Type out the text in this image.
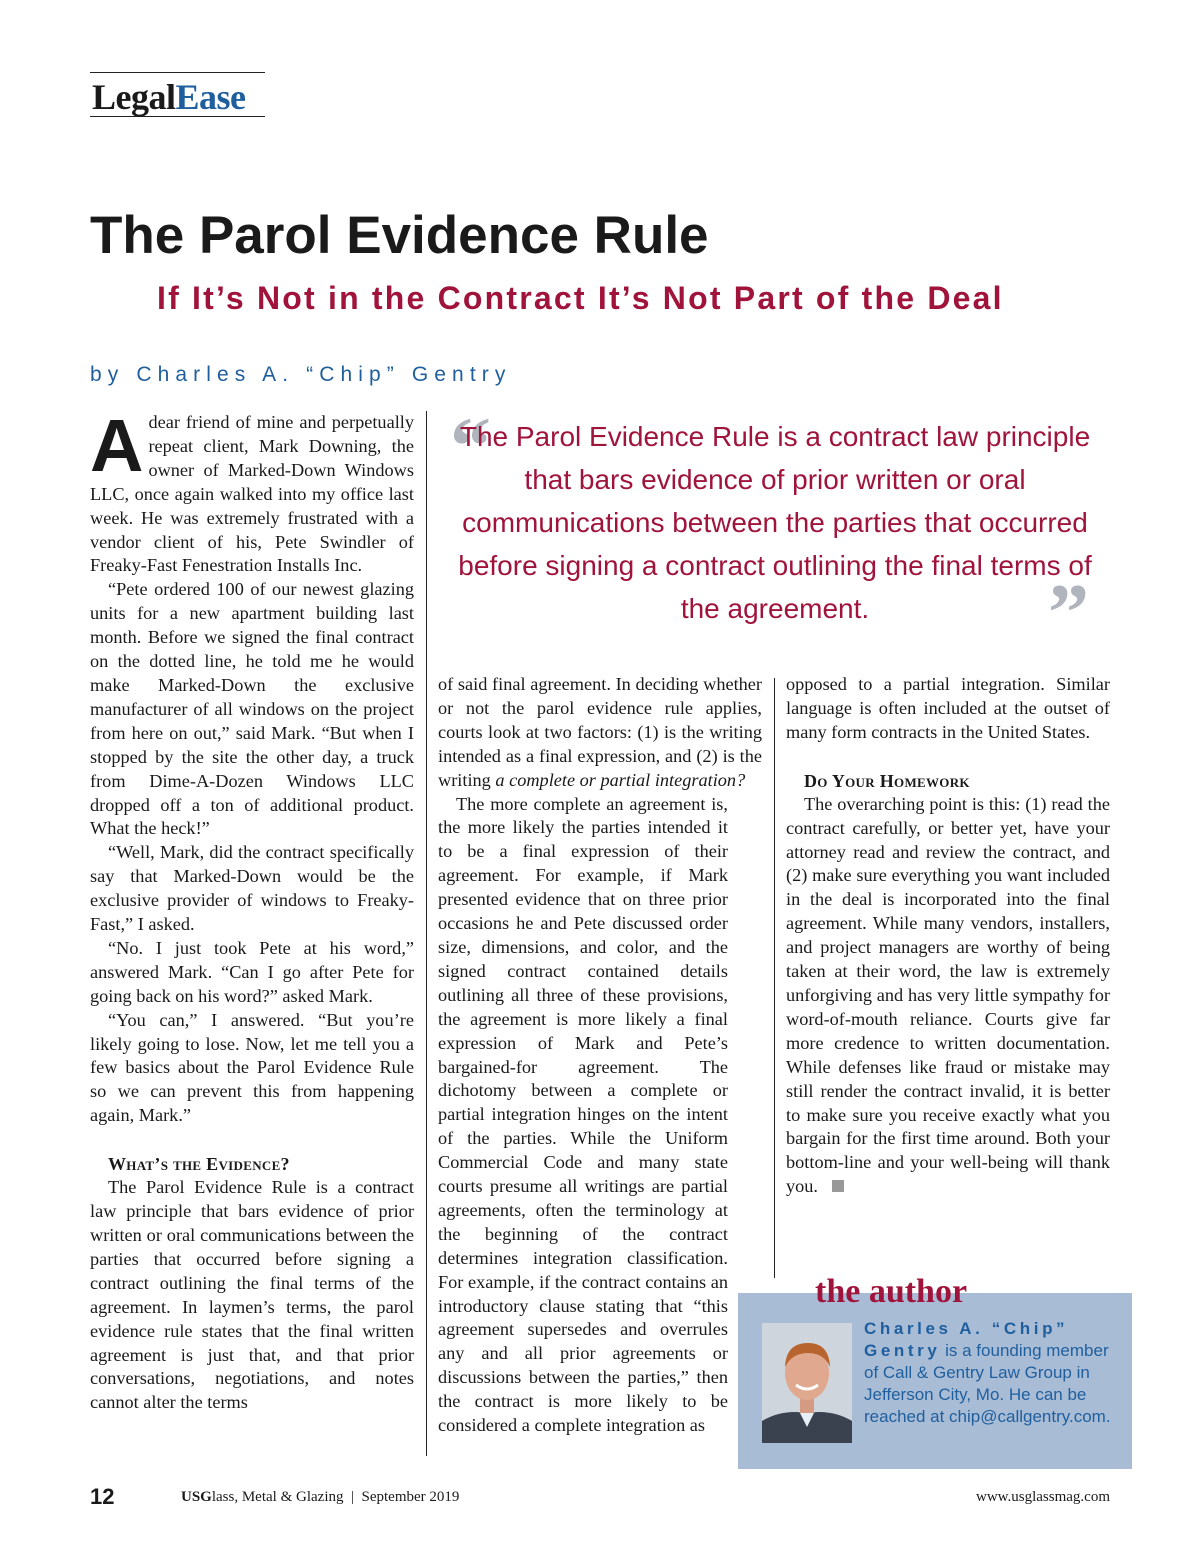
LegalEase
The Parol Evidence Rule
If It’s Not in the Contract It’s Not Part of the Deal
by Charles A. “Chip” Gentry

Adear friend of mine and perpetually repeat client, Mark Downing, the owner of Marked-Down Windows LLC, once again walked into my office last week. He was extremely frustrated with a vendor client of his, Pete Swindler of Freaky-Fast Fenestration Installs Inc.

“Pete ordered 100 of our newest glazing units for a new apartment building last month. Before we signed the final contract on the dotted line, he told me he would make Marked-Down the exclusive manufacturer of all windows on the project from here on out,” said Mark. “But when I stopped by the site the other day, a truck from Dime-A-Dozen Windows LLC dropped off a ton of additional product. What the heck!”

“Well, Mark, did the contract specifically say that Marked-Down would be the exclusive provider of windows to Freaky-Fast,” I asked.

“No. I just took Pete at his word,” answered Mark. “Can I go after Pete for going back on his word?” asked Mark.

“You can,” I answered. “But you’re likely going to lose. Now, let me tell you a few basics about the Parol Evidence Rule so we can prevent this from happening again, Mark.”

What’s the Evidence?

The Parol Evidence Rule is a contract law principle that bars evidence of prior written or oral communications between the parties that occurred before signing a contract outlining the final terms of the agreement. In laymen’s terms, the parol evidence rule states that the final written agreement is just that, and that prior conversations, negotiations, and notes cannot alter the terms

“
The Parol Evidence Rule is a contract law principle that bars evidence of prior written or oral communications between the parties that occurred before signing a contract outlining the final terms of the agreement.	”

of said final agreement. In deciding whether or not the parol evidence rule applies, courts look at two factors: (1) is the writing intended as a final expression, and (2) is the writing a complete or partial integration?

The more complete an agreement is, the more likely the parties intended it to be a final expression of their agreement. For example, if Mark presented evidence that on three prior occasions he and Pete discussed order size, dimensions, and color, and the signed contract contained details outlining all three of these provisions, the agreement is more likely a final expression of Mark and Pete’s bargained-for agreement. The dichotomy between a complete or partial integration hinges on the intent of the parties. While the Uniform Commercial Code and many state courts presume all writings are partial agreements, often the terminology at the beginning of the contract determines integration classification. For example, if the contract contains an introductory clause stating that “this agreement supersedes and overrules any and all prior agreements or discussions between the parties,” then the contract is more likely to be considered a complete integration as

opposed to a partial integration. Similar language is often included at the outset of many form contracts in the United States.

Do Your Homework

The overarching point is this: (1) read the contract carefully, or better yet, have your attorney read and review the contract, and (2) make sure everything you want included in the deal is incorporated into the final agreement. While many vendors, installers, and project managers are worthy of being taken at their word, the law is extremely unforgiving and has very little sympathy for word-of-mouth reliance. Courts give far more credence to written documentation. While defenses like fraud or mistake may still render the contract invalid, it is better to make sure you receive exactly what you bargain for the first time around. Both your bottom-line and your well-being will thank you.

the author
Charles A. “Chip” Gentry is a founding member of Call & Gentry Law Group in Jefferson City, Mo. He can be reached at chip@callgentry.com.
12	USGlass, Metal & Glazing  |  September 2019	www.usglassmag.com
